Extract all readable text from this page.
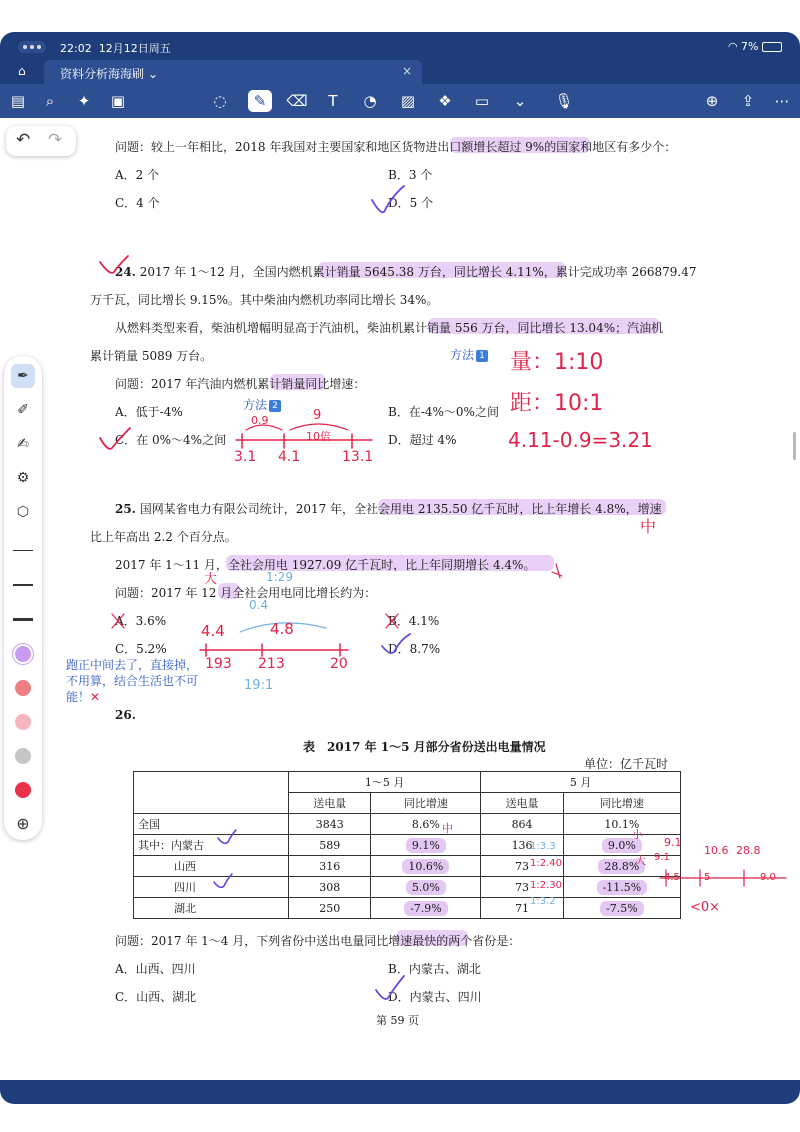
22:02 12月12日周五	◠ 7%
⌂	资料分析海海刷 ⌄	×
▤	⌕	✦	▣	◌	✎	⌫	T	◔	▨	❖	▭	⌄	🎙	⊕	⇪	⋯
问题：较上一年相比，2018 年我国对主要国家和地区货物进出口额增长超过 9%的国家和地区有多少个：
A．2 个	B．3 个
C．4 个	D．5 个
24. 2017 年 1～12 月，全国内燃机累计销量 5645.38 万台，同比增长 4.11%，累计完成功率 266879.47
万千瓦，同比增长 9.15%。其中柴油内燃机功率同比增长 34%。
从燃料类型来看，柴油机增幅明显高于汽油机，柴油机累计销量 556 万台，同比增长 13.04%；汽油机
累计销量 5089 万台。
问题：2017 年汽油内燃机累计销量同比增速：
A．低于-4%	B．在-4%～0%之间
C．在 0%～4%之间	D．超过 4%
25. 国网某省电力有限公司统计，2017 年，全社会用电 2135.50 亿千瓦时，比上年增长 4.8%，增速
比上年高出 2.2 个百分点。
2017 年 1～11 月，全社会用电 1927.09 亿千瓦时，比上年同期增长 4.4%。
问题：2017 年 12 月全社会用电同比增长约为：
A．3.6%	B．4.1%
C．5.2%	D．8.7%
26.
表　2017 年 1～5 月部分省份送出电量情况
单位：亿千瓦时
	1～5 月		5 月	
	送电量	同比增速	送电量	同比增速
全国	3843	8.6%	864	10.1%
其中：内蒙古	589	9.1%	136	9.0%
山西	316	10.6%	73	28.8%
四川	308	5.0%	73	-11.5%
湖北	250	-7.9%	71	-7.5%
问题：2017 年 1～4 月，下列省份中送出电量同比增速最快的两个省份是：
A．山西、四川	B．内蒙古、湖北
C．山西、湖北	D．内蒙古、四川
第 59 页
方法 1
方法 2
量：1:10
距：10:1
4.11-0.9=3.21
0.9	9
10倍
3.1 4.1	13.1
中
大	1:29
0.4
4.4	4.8
193 213	20
19:1
跑正中间去了，直接掉，不用算，结合生活也不可能！✕
小
中
大
9.1
10.6 28.8
9.1
4.5 5	9.0
1:3.3
1:2.40
1:2.30
1:3.2	<0×
↶ ↷
✒
✐
✍
⚙
⬡
⊕
